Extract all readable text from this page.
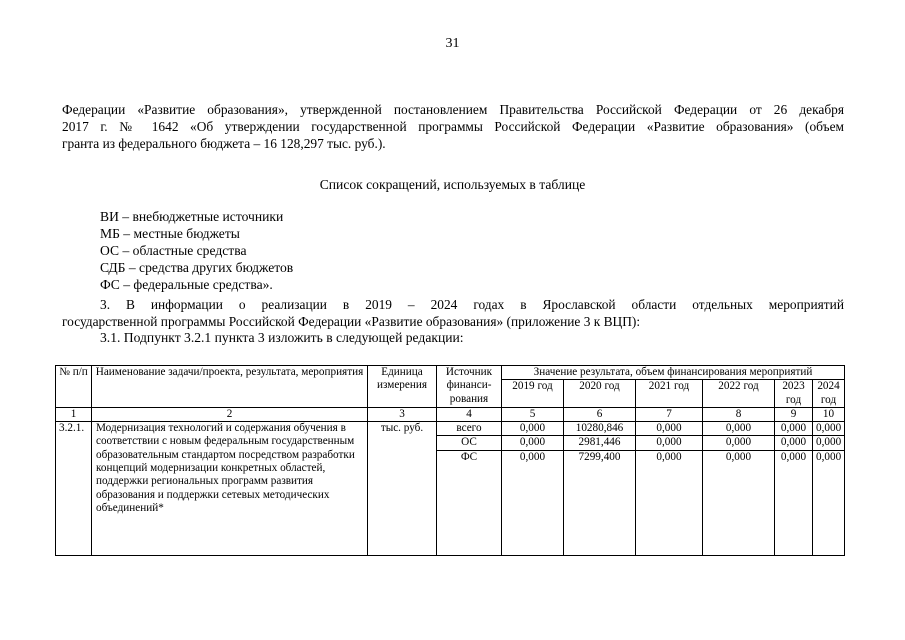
31
Федерации «Развитие образования», утвержденной постановлением Правительства Российской Федерации от 26 декабря
2017 г. № 1642 «Об утверждении государственной программы Российской Федерации «Развитие образования» (объем
гранта из федерального бюджета – 16 128,297 тыс. руб.).
Список сокращений, используемых в таблице
ВИ – внебюджетные источники
МБ – местные бюджеты
ОС – областные средства
СДБ – средства других бюджетов
ФС – федеральные средства».
3. В информации о реализации в 2019 – 2024 годах в Ярославской области отдельных мероприятий
государственной программы Российской Федерации «Развитие образования» (приложение 3 к ВЦП):
3.1. Подпункт 3.2.1 пункта 3 изложить в следующей редакции:
№ п/п	Наименование задачи/проекта, результата, мероприятия	Единица измерения	Источник финанси-рования	Значение результата, объем финансирования мероприятий					
				2019 год	2020 год	2021 год	2022 год	2023 год	2024 год
1	2	3	4	5	6	7	8	9	10
3.2.1.	Модернизация технологий и содержания обучения в соответствии с новым федеральным государственным образовательным стандартом посредством разработки концепций модернизации конкретных областей, поддержки региональных программ развития образования и поддержки сетевых методических объединений*	тыс. руб.	всего	0,000	10280,846	0,000	0,000	0,000	0,000
			ОС	0,000	2981,446	0,000	0,000	0,000	0,000
			ФС	0,000	7299,400	0,000	0,000	0,000	0,000
